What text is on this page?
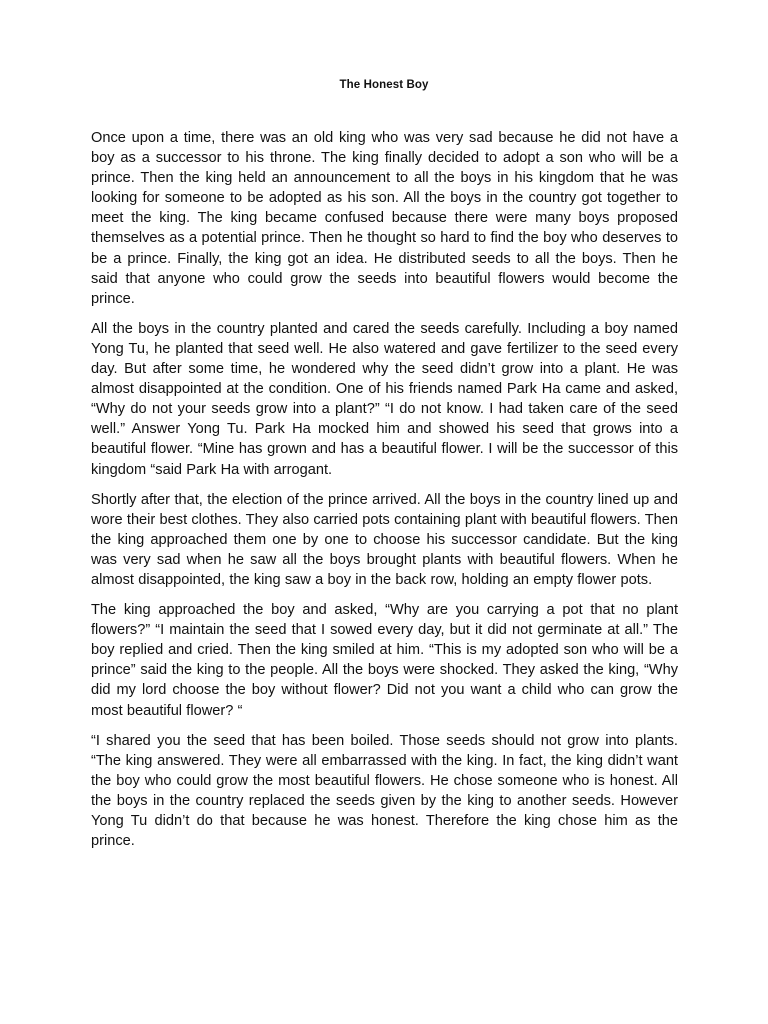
The Honest Boy

Once upon a time, there was an old king who was very sad because he did not have a boy as a successor to his throne. The king finally decided to adopt a son who will be a prince. Then the king held an announcement to all the boys in his kingdom that he was looking for someone to be adopted as his son. All the boys in the country got together to meet the king. The king became confused because there were many boys proposed themselves as a potential prince. Then he thought so hard to find the boy who deserves to be a prince. Finally, the king got an idea. He distributed seeds to all the boys. Then he said that anyone who could grow the seeds into beautiful flowers would become the prince.

All the boys in the country planted and cared the seeds carefully. Including a boy named Yong Tu, he planted that seed well. He also watered and gave fertilizer to the seed every day. But after some time, he wondered why the seed didn’t grow into a plant. He was almost disappointed at the condition. One of his friends named Park Ha came and asked, “Why do not your seeds grow into a plant?” “I do not know. I had taken care of the seed well.” Answer Yong Tu. Park Ha mocked him and showed his seed that grows into a beautiful flower. “Mine has grown and has a beautiful flower. I will be the successor of this kingdom “said Park Ha with arrogant.

Shortly after that, the election of the prince arrived. All the boys in the country lined up and wore their best clothes. They also carried pots containing plant with beautiful flowers. Then the king approached them one by one to choose his successor candidate. But the king was very sad when he saw all the boys brought plants with beautiful flowers. When he almost disappointed, the king saw a boy in the back row, holding an empty flower pots.

The king approached the boy and asked, “Why are you carrying a pot that no plant flowers?” “I maintain the seed that I sowed every day, but it did not germinate at all.” The boy replied and cried. Then the king smiled at him. “This is my adopted son who will be a prince” said the king to the people. All the boys were shocked. They asked the king, “Why did my lord choose the boy without flower? Did not you want a child who can grow the most beautiful flower? “

“I shared you the seed that has been boiled. Those seeds should not grow into plants. “The king answered. They were all embarrassed with the king. In fact, the king didn’t want the boy who could grow the most beautiful flowers. He chose someone who is honest. All the boys in the country replaced the seeds given by the king to another seeds. However Yong Tu didn’t do that because he was honest. Therefore the king chose him as the prince.
